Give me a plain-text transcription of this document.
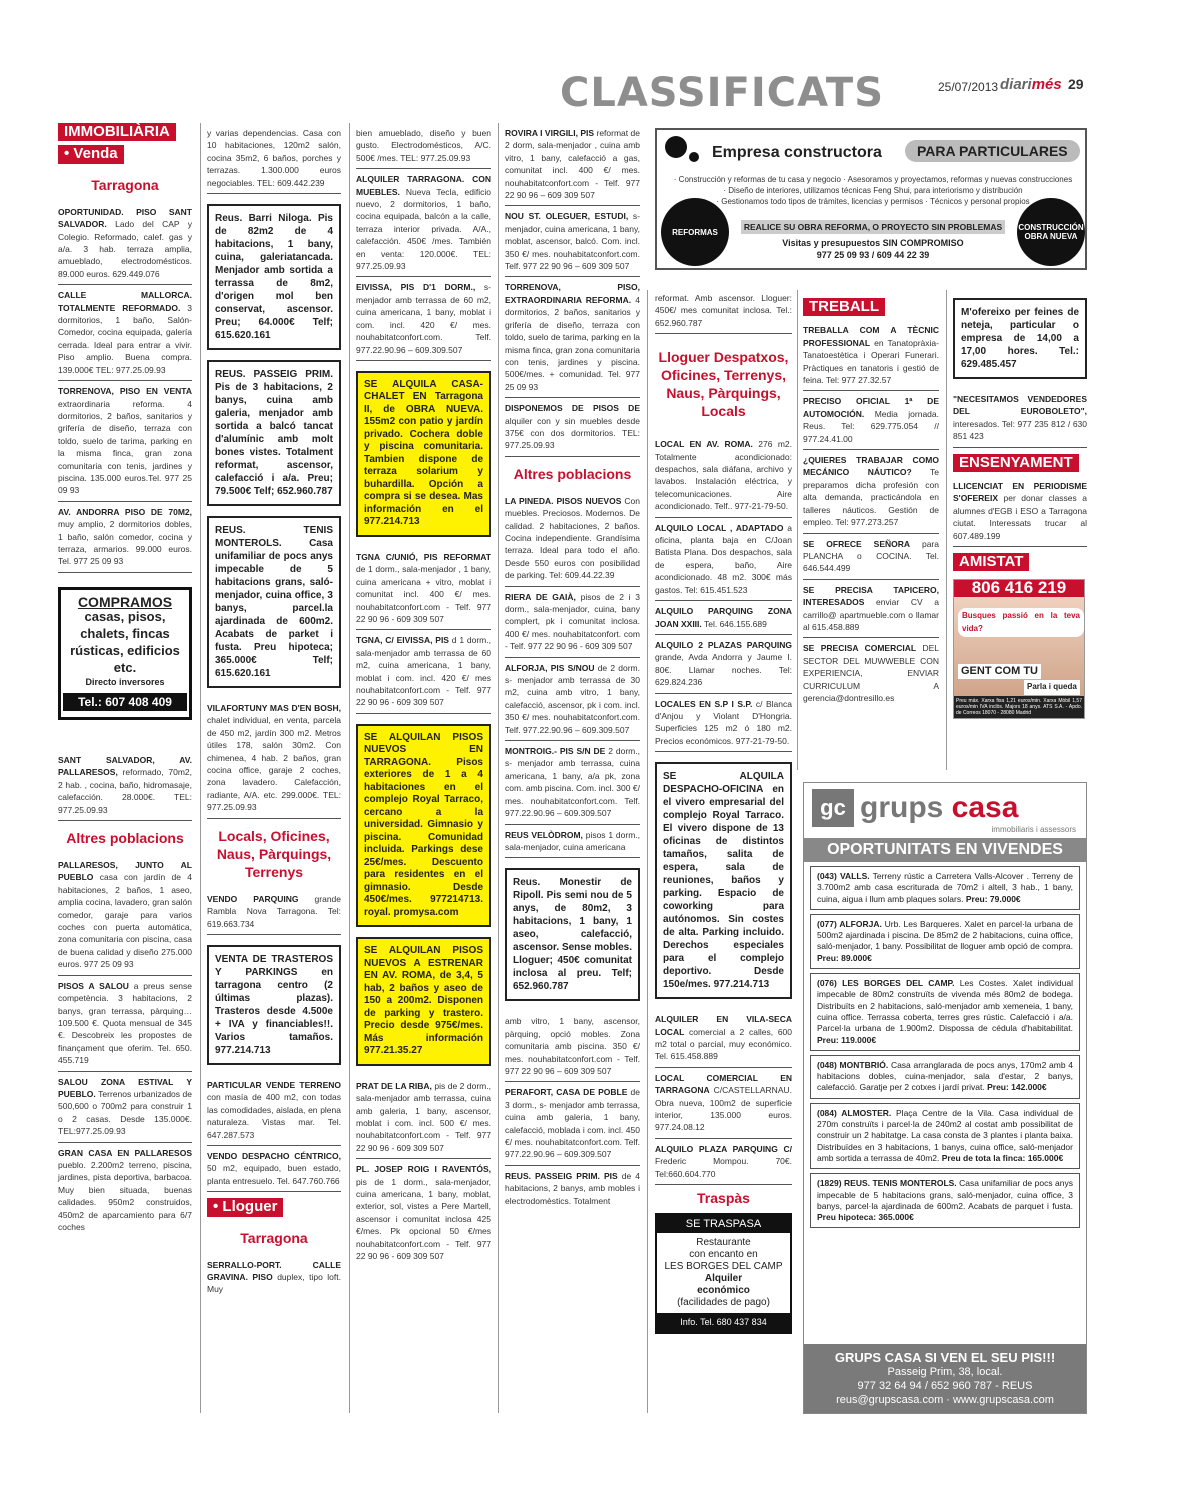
CLASSIFICATS	25/07/2013 diarimés 29
IMMOBILIÀRIA
• Venda
Tarragona
OPORTUNIDAD. PISO SANT SALVADOR. Lado del CAP y Colegio. Reformado, calef. gas y a/a. 3 hab. terraza amplia, amueblado, electrodomésticos. 89.000 euros. 629.449.076
CALLE MALLORCA. TOTALMENTE REFORMADO. 3 dormitorios, 1 baño, Salón-Comedor, cocina equipada, galería cerrada. Ideal para entrar a vivir. Piso amplio. Buena compra. 139.000€ TEL: 977.25.09.93
TORRENOVA, PISO EN VENTA extraordinaria reforma. 4 dormitorios, 2 baños, sanitarios y grifería de diseño, terraza con toldo, suelo de tarima, parking en la misma finca, gran zona comunitaria con tenis, jardines y piscina. 135.000 euros.Tel. 977 25 09 93
AV. ANDORRA PISO DE 70M2, muy amplio, 2 dormitorios dobles, 1 baño, salón comedor, cocina y terraza, armarios. 99.000 euros. Tel. 977 25 09 93
COMPRAMOS
casas, pisos, chalets, fincas rústicas, edificios etc.
Directo inversores
Tel.: 607 408 409
SANT SALVADOR, AV. PALLARESOS, reformado, 70m2, 2 hab. , cocina, baño, hidromasaje, calefacción. 28.000€. TEL: 977.25.09.93
Altres poblacions
PALLARESOS, JUNTO AL PUEBLO casa con jardín de 4 habitaciones, 2 baños, 1 aseo, amplia cocina, lavadero, gran salón comedor, garaje para varios coches con puerta automática, zona comunitaria con piscina, casa de buena calidad y diseño 275.000 euros. 977 25 09 93
PISOS A SALOU a preus sense competència. 3 habitacions, 2 banys, gran terrassa, pàrquing… 109.500 €. Quota mensual de 345 €. Descobreix les propostes de finançament que oferim. Tel. 650. 455.719
SALOU ZONA ESTIVAL Y PUEBLO. Terrenos urbanizados de 500,600 o 700m2 para construir 1 o 2 casas. Desde 135.000€. TEL:977.25.09.93
GRAN CASA EN PALLARESOS pueblo. 2.200m2 terreno, piscina, jardines, pista deportiva, barbacoa. Muy bien situada, buenas calidades. 950m2 construidos, 450m2 de aparcamiento para 6/7 coches
y varias dependencias. Casa con 10 habitaciones, 120m2 salón, cocina 35m2, 6 baños, porches y terrazas. 1.300.000 euros negociables. TEL: 609.442.239
Reus. Barri Niloga. Pis de 82m2 de 4 habitacions, 1 bany, cuina, galeriatancada. Menjador amb sortida a terrassa de 8m2, d'origen mol ben conservat, ascensor. Preu; 64.000€ Telf; 615.620.161
REUS. PASSEIG PRIM. Pis de 3 habitacions, 2 banys, cuina amb galeria, menjador amb sortida a balcó tancat d'alumínic amb molt bones vistes. Totalment reformat, ascensor, calefacció i a/a. Preu; 79.500€ Telf; 652.960.787
REUS. TENIS MONTEROLS. Casa unifamiliar de pocs anys impecable de 5 habitacions grans, saló-menjador, cuina office, 3 banys, parcel.la ajardinada de 600m2. Acabats de parket i fusta. Preu hipoteca; 365.000€ Telf; 615.620.161
VILAFORTUNY MAS D'EN BOSH, chalet individual, en venta, parcela de 450 m2, jardín 300 m2. Metros útiles 178, salón 30m2. Con chimenea, 4 hab. 2 baños, gran cocina office, garaje 2 coches, zona lavadero. Calefacción, radiante, A/A. etc. 299.000€. TEL: 977.25.09.93
Locals, Oficines, Naus, Pàrquings, Terrenys
VENDO PARQUING grande Rambla Nova Tarragona. Tel: 619.663.734
VENTA DE TRASTEROS Y PARKINGS en tarragona centro (2 últimas plazas). Trasteros desde 4.500e + IVA y financiables!!. Varios tamaños. 977.214.713
PARTICULAR VENDE TERRENO con masía de 400 m2, con todas las comodidades, aislada, en plena naturaleza. Vistas mar. Tel. 647.287.573
VENDO DESPACHO CÉNTRICO, 50 m2, equipado, buen estado, planta entresuelo. Tel. 647.760.766
• Lloguer
Tarragona
SERRALLO-PORT. CALLE GRAVINA. PISO duplex, tipo loft. Muy
bien amueblado, diseño y buen gusto. Electrodomésticos, A/C. 500€ /mes. TEL: 977.25.09.93
ALQUILER TARRAGONA. CON MUEBLES. Nueva Tecla, edificio nuevo, 2 dormitorios, 1 baño, cocina equipada, balcón a la calle, terraza interior privada. A/A., calefacción. 450€ /mes. También en venta: 120.000€. TEL: 977.25.09.93
EIVISSA, PIS D'1 DORM., s- menjador amb terrassa de 60 m2, cuina americana, 1 bany, moblat i com. incl. 420 €/ mes. nouhabitatconfort.com. Telf. 977.22.90.96 – 609.309.507
SE ALQUILA CASA-CHALET EN Tarragona II, de OBRA NUEVA. 155m2 con patio y jardín privado. Cochera doble y piscina comunitaria. Tambien dispone de terraza solarium y buhardilla. Opción a compra si se desea. Mas información en el 977.214.713
TGNA C/UNIÓ, PIS REFORMAT de 1 dorm., sala-menjador , 1 bany, cuina americana + vitro, moblat i comunitat incl. 400 €/ mes. nouhabitatconfort.com - Telf. 977 22 90 96 - 609 309 507
TGNA, C/ EIVISSA, PIS d 1 dorm., sala-menjador amb terrassa de 60 m2, cuina americana, 1 bany, moblat i com. incl. 420 €/ mes nouhabitatconfort.com - Telf. 977 22 90 96 - 609 309 507
SE ALQUILAN PISOS NUEVOS EN TARRAGONA. Pisos exteriores de 1 a 4 habitaciones en el complejo Royal Tarraco, cercano a la universidad. Gimnasio y piscina. Comunidad incluida. Parkings dese 25€/mes. Descuento para residentes en el gimnasio. Desde 450€/mes. 977214713. royal. promysa.com
SE ALQUILAN PISOS NUEVOS A ESTRENAR EN AV. ROMA, de 3,4, 5 hab, 2 baños y aseo de 150 a 200m2. Disponen de parking y trastero. Precio desde 975€/mes. Más información 977.21.35.27
PRAT DE LA RIBA, pis de 2 dorm., sala-menjador amb terrassa, cuina amb galeria, 1 bany, ascensor, moblat i com. incl. 500 €/ mes. nouhabitatconfort.com - Telf. 977 22 90 96 - 609 309 507
PL. JOSEP ROIG I RAVENTÓS, pis de 1 dorm., sala-menjador, cuina americana, 1 bany, moblat, exterior, sol, vistes a Pere Martell, ascensor i comunitat inclosa 425 €/mes. Pk opcional 50 €/mes nouhabitatconfort.com - Telf. 977 22 90 96 - 609 309 507
ROVIRA I VIRGILI, PIS reformat de 2 dorm, sala-menjador , cuina amb vitro, 1 bany, calefacció a gas, comunitat incl. 400 €/ mes. nouhabitatconfort.com - Telf. 977 22 90 96 – 609 309 507
NOU ST. OLEGUER, ESTUDI, s- menjador, cuina americana, 1 bany, moblat, ascensor, balcó. Com. incl. 350 €/ mes. nouhabitatconfort.com. Telf. 977 22 90 96 – 609 309 507
TORRENOVA, PISO, EXTRAORDINARIA REFORMA. 4 dormitorios, 2 baños, sanitarios y grifería de diseño, terraza con toldo, suelo de tarima, parking en la misma finca, gran zona comunitaria con tenis, jardines y piscina. 500€/mes. + comunidad. Tel. 977 25 09 93
DISPONEMOS DE PISOS DE alquiler con y sin muebles desde 375€ con dos dormitorios. TEL: 977.25.09.93
Altres poblacions
LA PINEDA. PISOS NUEVOS Con muebles. Preciosos. Modernos. De calidad. 2 habitaciones, 2 baños. Cocina independiente. Grandísima terraza. Ideal para todo el año. Desde 550 euros con posibilidad de parking. Tel: 609.44.22.39
RIERA DE GAIÀ, pisos de 2 i 3 dorm., sala-menjador, cuina, bany complert, pk i comunitat inclosa. 400 €/ mes. nouhabitatconfort. com - Telf. 977 22 90 96 - 609 309 507
ALFORJA, PIS S/NOU de 2 dorm. s- menjador amb terrassa de 30 m2, cuina amb vitro, 1 bany, calefacció, ascensor, pk i com. incl. 350 €/ mes. nouhabitatconfort.com. Telf. 977.22.90.96 – 609.309.507
MONTROIG.- PIS S/N DE 2 dorm., s- menjador amb terrassa, cuina americana, 1 bany, a/a pk, zona com. amb piscina. Com. incl. 300 €/ mes. nouhabitatconfort.com. Telf. 977.22.90.96 – 609.309.507
REUS VELÒDROM, pisos 1 dorm., sala-menjador, cuina americana
Reus. Monestir de Ripoll. Pis semi nou de 5 anys, de 80m2, 3 habitacions, 1 bany, 1 aseo, calefacció, ascensor. Sense mobles. Lloguer; 450€ comunitat inclosa al preu. Telf; 652.960.787
amb vitro, 1 bany, ascensor, pàrquing, opció mobles. Zona comunitaria amb piscina. 350 €/ mes. nouhabitatconfort.com - Telf. 977 22 90 96 – 609 309 507
PERAFORT, CASA DE POBLE de 3 dorm., s- menjador amb terrassa, cuina amb galeria, 1 bany, calefacció, moblada i com. incl. 450 €/ mes. nouhabitatconfort.com. Telf. 977.22.90.96 – 609.309.507
REUS. PASSEIG PRIM. PIS de 4 habitacions, 2 banys, amb mobles i electrodomèstics. Totalment
Empresa constructora	PARA PARTICULARES
· Construcción y reformas de tu casa y negocio · Asesoramos y proyectamos, reformas y nuevas construcciones
· Diseño de interiores, utilizamos técnicas Feng Shui, para interiorismo y distribución
· Gestionamos todo tipos de trámites, licencias y permisos · Técnicos y personal propios
REFORMAS	CONSTRUCCIÓN OBRA NUEVA
REALICE SU OBRA REFORMA, O PROYECTO SIN PROBLEMAS
Visitas y presupuestos SIN COMPROMISO
977 25 09 93 / 609 44 22 39
reformat. Amb ascensor. Lloguer: 450€/ mes comunitat inclosa. Tel.: 652.960.787
Lloguer Despatxos, Oficines, Terrenys, Naus, Pàrquings, Locals
LOCAL EN AV. ROMA. 276 m2. Totalmente acondicionado: despachos, sala diáfana, archivo y lavabos. Instalación eléctrica, y telecomunicaciones. Aire acondicionado. Telf.. 977-21-79-50.
ALQUILO LOCAL , ADAPTADO a oficina, planta baja en C/Joan Batista Plana. Dos despachos, sala de espera, baño, Aire acondicionado. 48 m2. 300€ más gastos. Tel: 615.451.523
ALQUILO PARQUING ZONA JOAN XXIII. Tel. 646.155.689
ALQUILO 2 PLAZAS PARQUING grande, Avda Andorra y Jaume I. 80€. Llamar noches. Tel: 629.824.236
LOCALES EN S.P I S.P. c/ Blanca d'Anjou y Violant D'Hongria. Superficies 125 m2 ó 180 m2. Precios económicos. 977-21-79-50.
SE ALQUILA DESPACHO-OFICINA en el vivero empresarial del complejo Royal Tarraco. El vivero dispone de 13 oficinas de distintos tamaños, salita de espera, sala de reuniones, baños y parking. Espacio de coworking para autónomos. Sin costes de alta. Parking incluido. Derechos especiales para el complejo deportivo. Desde 150e/mes. 977.214.713
ALQUILER EN VILA-SECA LOCAL comercial a 2 calles, 600 m2 total o parcial, muy económico. Tel. 615.458.889
LOCAL COMERCIAL EN TARRAGONA C/CASTELLARNAU. Obra nueva, 100m2 de superficie interior, 135.000 euros. 977.24.08.12
ALQUILO PLAZA PARQUING C/ Frederic Mompou. 70€. Tel:660.604.770
Traspàs
SE TRASPASA
Restaurante
con encanto en
LES BORGES DEL CAMP
Alquiler
económico
(facilidades de pago)
Info. Tel. 680 437 834
TREBALL
TREBALLA COM A TÈCNIC PROFESSIONAL en Tanatopràxia-Tanatoestètica i Operari Funerari. Pràctiques en tanatoris i gestió de feina. Tel: 977 27.32.57
PRECISO OFICIAL 1ª DE AUTOMOCIÓN. Media jornada. Reus. Tel: 629.775.054 // 977.24.41.00
¿QUIERES TRABAJAR COMO MECÁNICO NÁUTICO? Te preparamos dicha profesión con alta demanda, practicándola en talleres náuticos. Gestión de empleo. Tel: 977.273.257
SE OFRECE SEÑORA para PLANCHA o COCINA. Tel. 646.544.499
SE PRECISA TAPICERO, INTERESADOS enviar CV a carrillo@ apartmueble.com o llamar al 615.458.889
SE PRECISA COMERCIAL DEL SECTOR DEL MUWWEBLE CON EXPERIENCIA, ENVIAR CURRICULUM A gerencia@dontresillo.es
M'ofereixo per feines de neteja, particular o empresa de 14,00 a 17,00 hores. Tel.: 629.485.457
"NECESITAMOS VENDEDORES DEL EUROBOLETO", interesados. Tel: 977 235 812 / 630 851 423
ENSENYAMENT
LLICENCIAT EN PERIODISME S'OFEREIX per donar classes a alumnes d'EGB i ESO a Tarragona ciutat. Interessats trucar al 607.489.199
AMISTAT
806 416 219
Busques passió en la teva vida?
GENT COM TU
Parla i queda
Preu màx. Xarxa fixa 1,21 euros/min. Xarxa Mòbil 1,57 euros/min IVA inclòs. Majors 18 anys. ATS S.A. - Apdo. de Correos 18070 - 28080 Madrid
gc grups casa
immobiliaris i assessors
OPORTUNITATS EN VIVENDES
(043) VALLS. Terreny rústic a Carretera Valls-Alcover . Terreny de 3.700m2 amb casa escriturada de 70m2 i altell, 3 hab., 1 bany, cuina, aigua i llum amb plaques solars. Preu: 79.000€
(077) ALFORJA. Urb. Les Barqueres. Xalet en parcel·la urbana de 500m2 ajardinada i piscina. De 85m2 de 2 habitacions, cuina office, saló-menjador, 1 bany. Possibilitat de lloguer amb opció de compra. Preu: 89.000€
(076) LES BORGES DEL CAMP. Les Costes. Xalet individual impecable de 80m2 construïts de vivenda més 80m2 de bodega. Distribuïts en 2 habitacions, saló-menjador amb xemeneia, 1 bany, cuina office. Terrassa coberta, terres gres rústic. Calefacció i a/a. Parcel·la urbana de 1.900m2. Dispossa de cédula d'habitabilitat. Preu: 119.000€
(048) MONTBRIÓ. Casa arranglarada de pocs anys, 170m2 amb 4 habitacions dobles, cuina-menjador, sala d'estar, 2 banys, calefacció. Garatje per 2 cotxes i jardí privat. Preu: 142.000€
(084) ALMOSTER. Plaça Centre de la Vila. Casa individual de 270m construïts i parcel·la de 240m2 al costat amb possibilitat de construir un 2 habitatge. La casa consta de 3 plantes i planta baixa. Distribuïdes en 3 habitacions, 1 banys, cuina office, saló-menjador amb sortida a terrassa de 40m2. Preu de tota la finca: 165.000€
(1829) REUS. TENIS MONTEROLS. Casa unifamiliar de pocs anys impecable de 5 habitacions grans, saló-menjador, cuina office, 3 banys, parcel·la ajardinada de 600m2. Acabats de parquet i fusta. Preu hipoteca: 365.000€
GRUPS CASA SI VEN EL SEU PIS!!!
Passeig Prim, 38, local.
977 32 64 94 / 652 960 787 - REUS
reus@grupscasa.com · www.grupscasa.com
